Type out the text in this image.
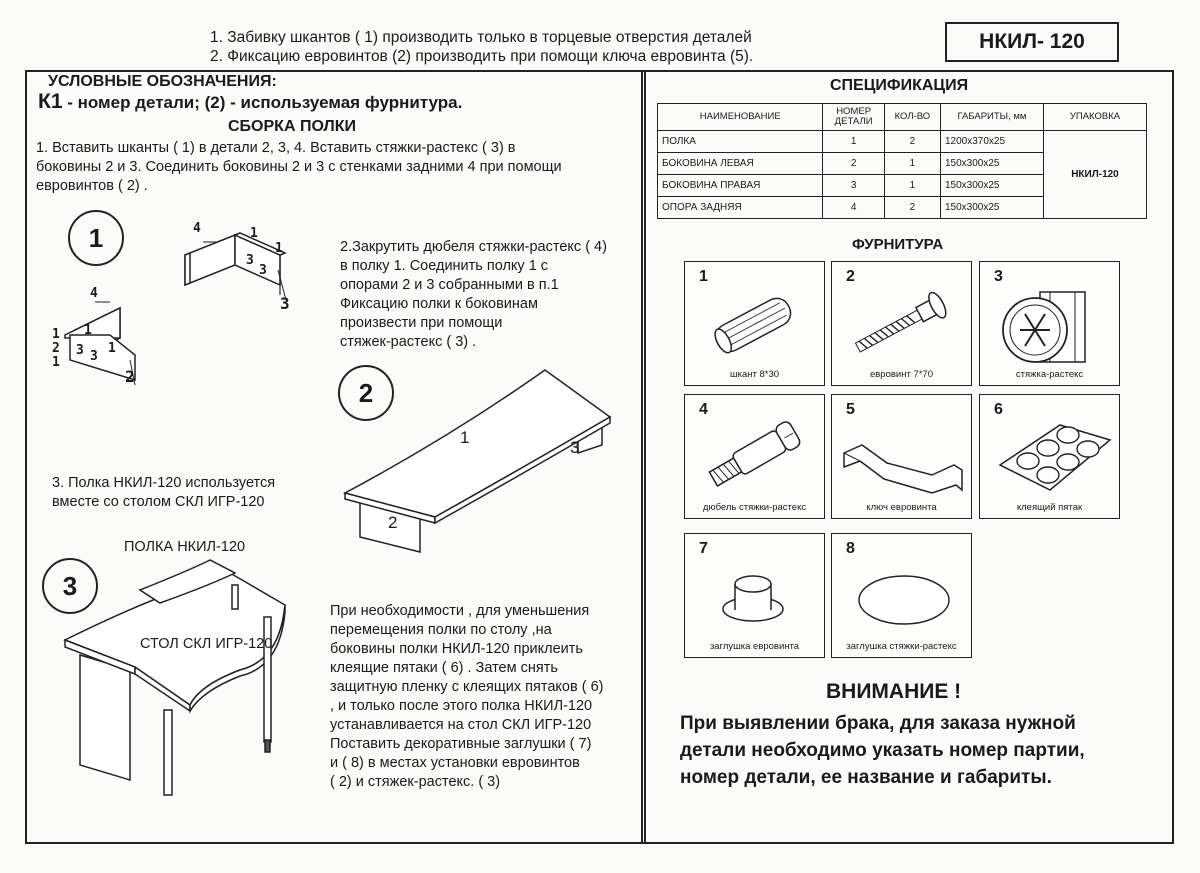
1. Забивку шкантов ( 1) производить только в торцевые отверстия деталей
2. Фиксацию евровинтов (2) производить при помощи ключа евровинта (5).
НКИЛ- 120
УСЛОВНЫЕ ОБОЗНАЧЕНИЯ:
К1 - номер детали; (2) - используемая фурнитура.
СБОРКА ПОЛКИ
1. Вставить шканты ( 1) в детали 2, 3, 4. Вставить стяжки-растекс ( 3) в
боковины 2 и 3. Соединить боковины 2 и 3 с стенками задними 4 при помощи
евровинтов ( 2) .
1	4	1
1
3
3
3
4
1
1
2
1
3 3
1
2
2.Закрутить дюбеля стяжки-растекс ( 4)
в полку 1. Соединить полку 1 с
опорами 2 и 3 собранными в п.1
Фиксацию полки к боковинам
произвести при помощи
стяжек-растекс ( 3) .
2
1
3
2
3. Полка НКИЛ-120 используется
вместе со столом СКЛ ИГР-120
3
ПОЛКА НКИЛ-120
СТОЛ СКЛ ИГР-120
При необходимости , для уменьшения
перемещения полки по столу ,на
боковины полки НКИЛ-120 приклеить
клеящие пятаки ( 6) . Затем снять
защитную пленку с клеящих пятаков ( 6)
, и только после этого полка НКИЛ-120
устанавливается на стол СКЛ ИГР-120
Поставить декоративные заглушки ( 7)
и ( 8) в местах установки евровинтов
( 2) и стяжек-растекс. ( 3)
СПЕЦИФИКАЦИЯ
НАИМЕНОВАНИЕ	НОМЕР ДЕТАЛИ	КОЛ-ВО	ГАБАРИТЫ, мм	УПАКОВКА
ПОЛКА	1	2	1200х370х25	НКИЛ-120
БОКОВИНА ЛЕВАЯ	2	1	150х300х25	
БОКОВИНА ПРАВАЯ	3	1	150х300х25	
ОПОРА ЗАДНЯЯ	4	2	150х300х25	
ФУРНИТУРА
1
шкант 8*30
2
евровинт 7*70
3
стяжка-растекс
4
дюбель стяжки-растекс
5
ключ евровинта
6
клеящий пятак
7
заглушка евровинта
8
заглушка стяжки-растекс
ВНИМАНИЕ !
При выявлении брака, для заказа нужной
детали необходимо указать номер партии,
номер детали, ее название и габариты.
